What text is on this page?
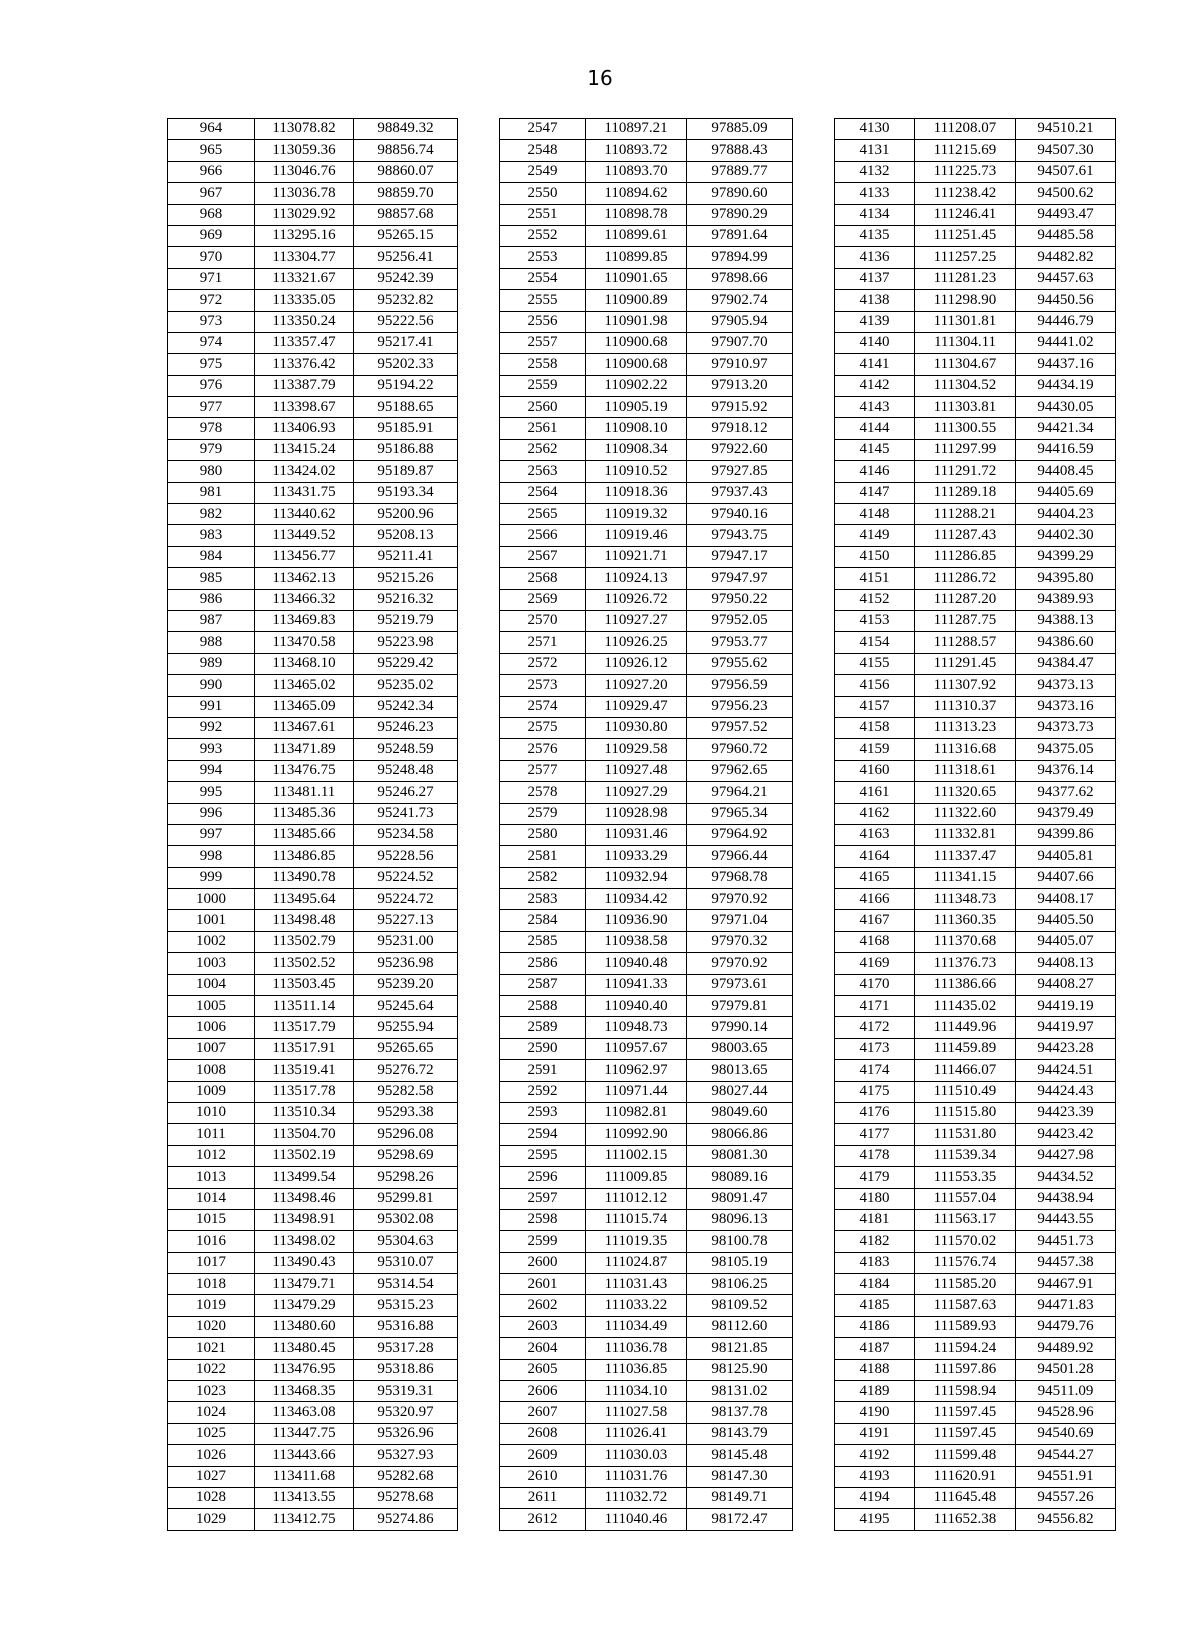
16
964	113078.82	98849.32
965	113059.36	98856.74
966	113046.76	98860.07
967	113036.78	98859.70
968	113029.92	98857.68
969	113295.16	95265.15
970	113304.77	95256.41
971	113321.67	95242.39
972	113335.05	95232.82
973	113350.24	95222.56
974	113357.47	95217.41
975	113376.42	95202.33
976	113387.79	95194.22
977	113398.67	95188.65
978	113406.93	95185.91
979	113415.24	95186.88
980	113424.02	95189.87
981	113431.75	95193.34
982	113440.62	95200.96
983	113449.52	95208.13
984	113456.77	95211.41
985	113462.13	95215.26
986	113466.32	95216.32
987	113469.83	95219.79
988	113470.58	95223.98
989	113468.10	95229.42
990	113465.02	95235.02
991	113465.09	95242.34
992	113467.61	95246.23
993	113471.89	95248.59
994	113476.75	95248.48
995	113481.11	95246.27
996	113485.36	95241.73
997	113485.66	95234.58
998	113486.85	95228.56
999	113490.78	95224.52
1000	113495.64	95224.72
1001	113498.48	95227.13
1002	113502.79	95231.00
1003	113502.52	95236.98
1004	113503.45	95239.20
1005	113511.14	95245.64
1006	113517.79	95255.94
1007	113517.91	95265.65
1008	113519.41	95276.72
1009	113517.78	95282.58
1010	113510.34	95293.38
1011	113504.70	95296.08
1012	113502.19	95298.69
1013	113499.54	95298.26
1014	113498.46	95299.81
1015	113498.91	95302.08
1016	113498.02	95304.63
1017	113490.43	95310.07
1018	113479.71	95314.54
1019	113479.29	95315.23
1020	113480.60	95316.88
1021	113480.45	95317.28
1022	113476.95	95318.86
1023	113468.35	95319.31
1024	113463.08	95320.97
1025	113447.75	95326.96
1026	113443.66	95327.93
1027	113411.68	95282.68
1028	113413.55	95278.68
1029	113412.75	95274.86
2547	110897.21	97885.09
2548	110893.72	97888.43
2549	110893.70	97889.77
2550	110894.62	97890.60
2551	110898.78	97890.29
2552	110899.61	97891.64
2553	110899.85	97894.99
2554	110901.65	97898.66
2555	110900.89	97902.74
2556	110901.98	97905.94
2557	110900.68	97907.70
2558	110900.68	97910.97
2559	110902.22	97913.20
2560	110905.19	97915.92
2561	110908.10	97918.12
2562	110908.34	97922.60
2563	110910.52	97927.85
2564	110918.36	97937.43
2565	110919.32	97940.16
2566	110919.46	97943.75
2567	110921.71	97947.17
2568	110924.13	97947.97
2569	110926.72	97950.22
2570	110927.27	97952.05
2571	110926.25	97953.77
2572	110926.12	97955.62
2573	110927.20	97956.59
2574	110929.47	97956.23
2575	110930.80	97957.52
2576	110929.58	97960.72
2577	110927.48	97962.65
2578	110927.29	97964.21
2579	110928.98	97965.34
2580	110931.46	97964.92
2581	110933.29	97966.44
2582	110932.94	97968.78
2583	110934.42	97970.92
2584	110936.90	97971.04
2585	110938.58	97970.32
2586	110940.48	97970.92
2587	110941.33	97973.61
2588	110940.40	97979.81
2589	110948.73	97990.14
2590	110957.67	98003.65
2591	110962.97	98013.65
2592	110971.44	98027.44
2593	110982.81	98049.60
2594	110992.90	98066.86
2595	111002.15	98081.30
2596	111009.85	98089.16
2597	111012.12	98091.47
2598	111015.74	98096.13
2599	111019.35	98100.78
2600	111024.87	98105.19
2601	111031.43	98106.25
2602	111033.22	98109.52
2603	111034.49	98112.60
2604	111036.78	98121.85
2605	111036.85	98125.90
2606	111034.10	98131.02
2607	111027.58	98137.78
2608	111026.41	98143.79
2609	111030.03	98145.48
2610	111031.76	98147.30
2611	111032.72	98149.71
2612	111040.46	98172.47
4130	111208.07	94510.21
4131	111215.69	94507.30
4132	111225.73	94507.61
4133	111238.42	94500.62
4134	111246.41	94493.47
4135	111251.45	94485.58
4136	111257.25	94482.82
4137	111281.23	94457.63
4138	111298.90	94450.56
4139	111301.81	94446.79
4140	111304.11	94441.02
4141	111304.67	94437.16
4142	111304.52	94434.19
4143	111303.81	94430.05
4144	111300.55	94421.34
4145	111297.99	94416.59
4146	111291.72	94408.45
4147	111289.18	94405.69
4148	111288.21	94404.23
4149	111287.43	94402.30
4150	111286.85	94399.29
4151	111286.72	94395.80
4152	111287.20	94389.93
4153	111287.75	94388.13
4154	111288.57	94386.60
4155	111291.45	94384.47
4156	111307.92	94373.13
4157	111310.37	94373.16
4158	111313.23	94373.73
4159	111316.68	94375.05
4160	111318.61	94376.14
4161	111320.65	94377.62
4162	111322.60	94379.49
4163	111332.81	94399.86
4164	111337.47	94405.81
4165	111341.15	94407.66
4166	111348.73	94408.17
4167	111360.35	94405.50
4168	111370.68	94405.07
4169	111376.73	94408.13
4170	111386.66	94408.27
4171	111435.02	94419.19
4172	111449.96	94419.97
4173	111459.89	94423.28
4174	111466.07	94424.51
4175	111510.49	94424.43
4176	111515.80	94423.39
4177	111531.80	94423.42
4178	111539.34	94427.98
4179	111553.35	94434.52
4180	111557.04	94438.94
4181	111563.17	94443.55
4182	111570.02	94451.73
4183	111576.74	94457.38
4184	111585.20	94467.91
4185	111587.63	94471.83
4186	111589.93	94479.76
4187	111594.24	94489.92
4188	111597.86	94501.28
4189	111598.94	94511.09
4190	111597.45	94528.96
4191	111597.45	94540.69
4192	111599.48	94544.27
4193	111620.91	94551.91
4194	111645.48	94557.26
4195	111652.38	94556.82
